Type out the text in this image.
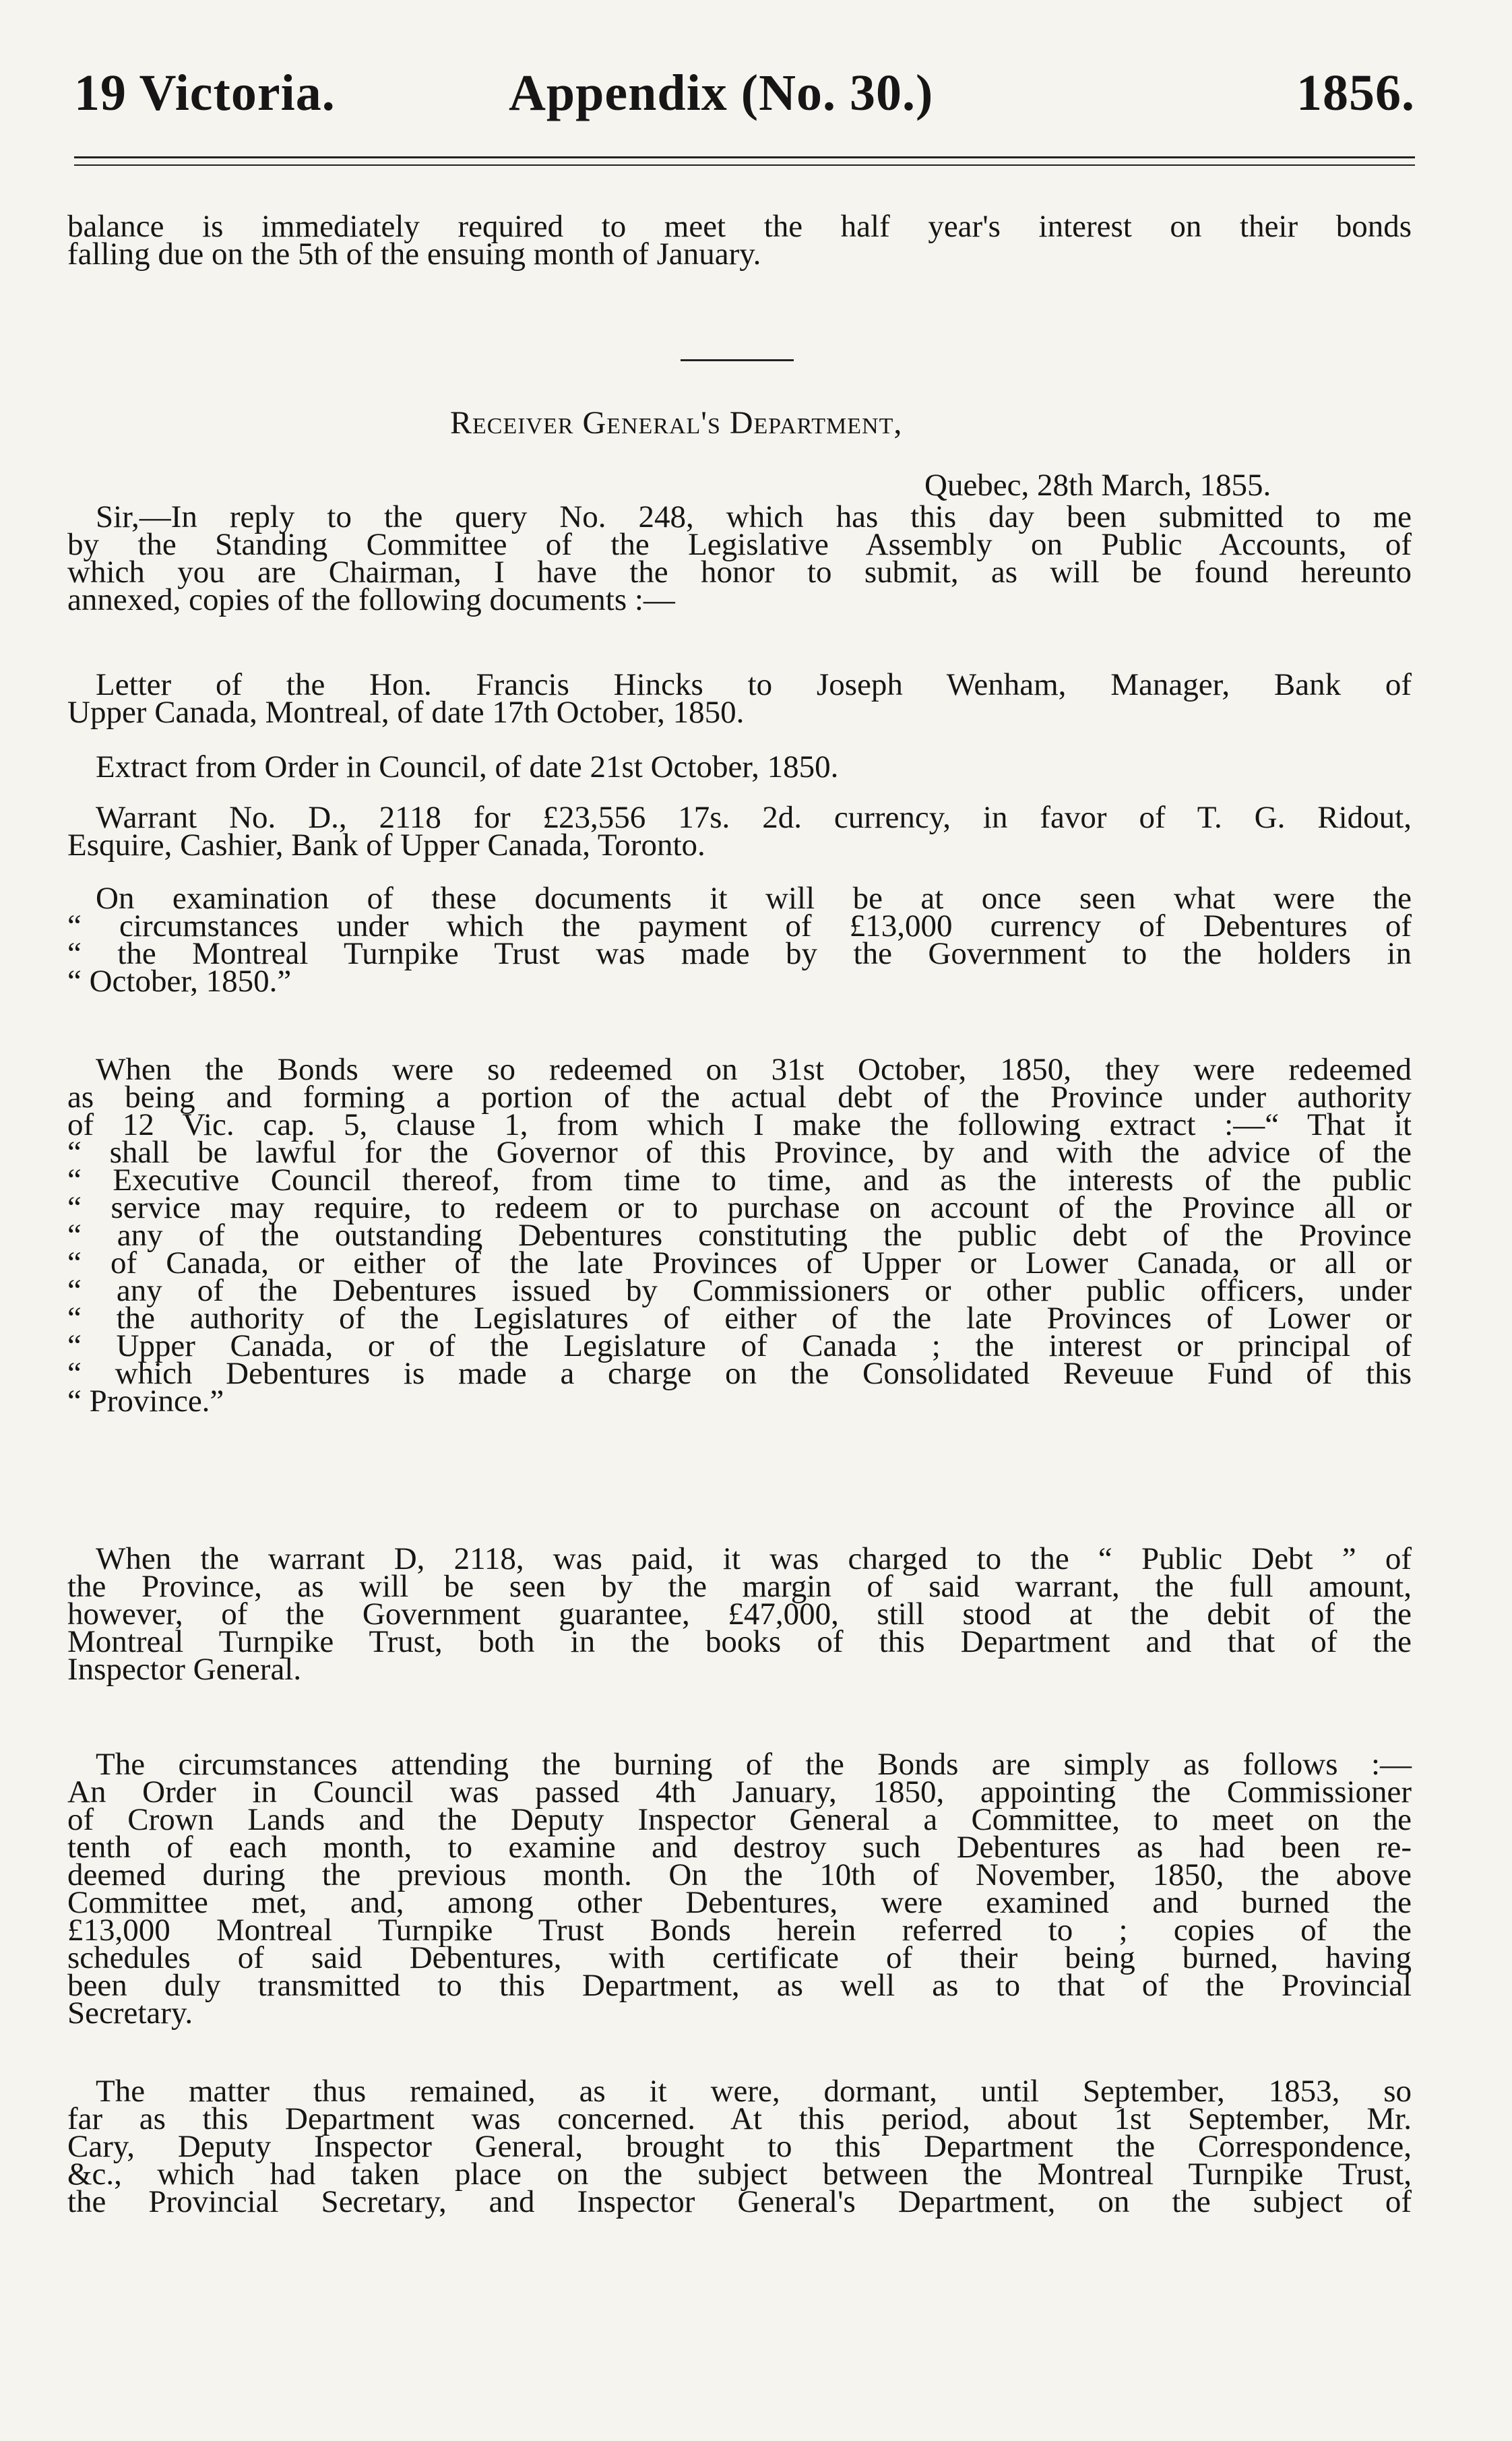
19 Victoria.	Appendix (No. 30.)	1856.
balance is immediately required to meet the half year's interest on their bonds
falling due on the 5th of the ensuing month of January.
Receiver General's Department,
Quebec, 28th March, 1855.
Sir,—In reply to the query No. 248, which has this day been submitted to me
by the Standing Committee of the Legislative Assembly on Public Accounts, of
which you are Chairman, I have the honor to submit, as will be found hereunto
annexed, copies of the following documents :—
Letter of the Hon. Francis Hincks to Joseph Wenham, Manager, Bank of
Upper Canada, Montreal, of date 17th October, 1850.
Extract from Order in Council, of date 21st October, 1850.
Warrant No. D., 2118 for £23,556 17s. 2d. currency, in favor of T. G. Ridout,
Esquire, Cashier, Bank of Upper Canada, Toronto.
On examination of these documents it will be at once seen what were the
“ circumstances under which the payment of £13,000 currency of Debentures of
“ the Montreal Turnpike Trust was made by the Government to the holders in
“ October, 1850.”
When the Bonds were so redeemed on 31st October, 1850, they were redeemed
as being and forming a portion of the actual debt of the Province under authority
of 12 Vic. cap. 5, clause 1, from which I make the following extract :—“ That it
“ shall be lawful for the Governor of this Province, by and with the advice of the
“ Executive Council thereof, from time to time, and as the interests of the public
“ service may require, to redeem or to purchase on account of the Province all or
“ any of the outstanding Debentures constituting the public debt of the Province
“ of Canada, or either of the late Provinces of Upper or Lower Canada, or all or
“ any of the Debentures issued by Commissioners or other public officers, under
“ the authority of the Legislatures of either of the late Provinces of Lower or
“ Upper Canada, or of the Legislature of Canada ; the interest or principal of
“ which Debentures is made a charge on the Consolidated Reveuue Fund of this
“ Province.”
When the warrant D, 2118, was paid, it was charged to the “ Public Debt ” of
the Province, as will be seen by the margin of said warrant, the full amount,
however, of the Government guarantee, £47,000, still stood at the debit of the
Montreal Turnpike Trust, both in the books of this Department and that of the
Inspector General.
The circumstances attending the burning of the Bonds are simply as follows :—
An Order in Council was passed 4th January, 1850, appointing the Commissioner
of Crown Lands and the Deputy Inspector General a Committee, to meet on the
tenth of each month, to examine and destroy such Debentures as had been re-
deemed during the previous month. On the 10th of November, 1850, the above
Committee met, and, among other Debentures, were examined and burned the
£13,000 Montreal Turnpike Trust Bonds herein referred to ; copies of the
schedules of said Debentures, with certificate of their being burned, having
been duly transmitted to this Department, as well as to that of the Provincial
Secretary.
The matter thus remained, as it were, dormant, until September, 1853, so
far as this Department was concerned. At this period, about 1st September, Mr.
Cary, Deputy Inspector General, brought to this Department the Correspondence,
&c., which had taken place on the subject between the Montreal Turnpike Trust,
the Provincial Secretary, and Inspector General's Department, on the subject of
